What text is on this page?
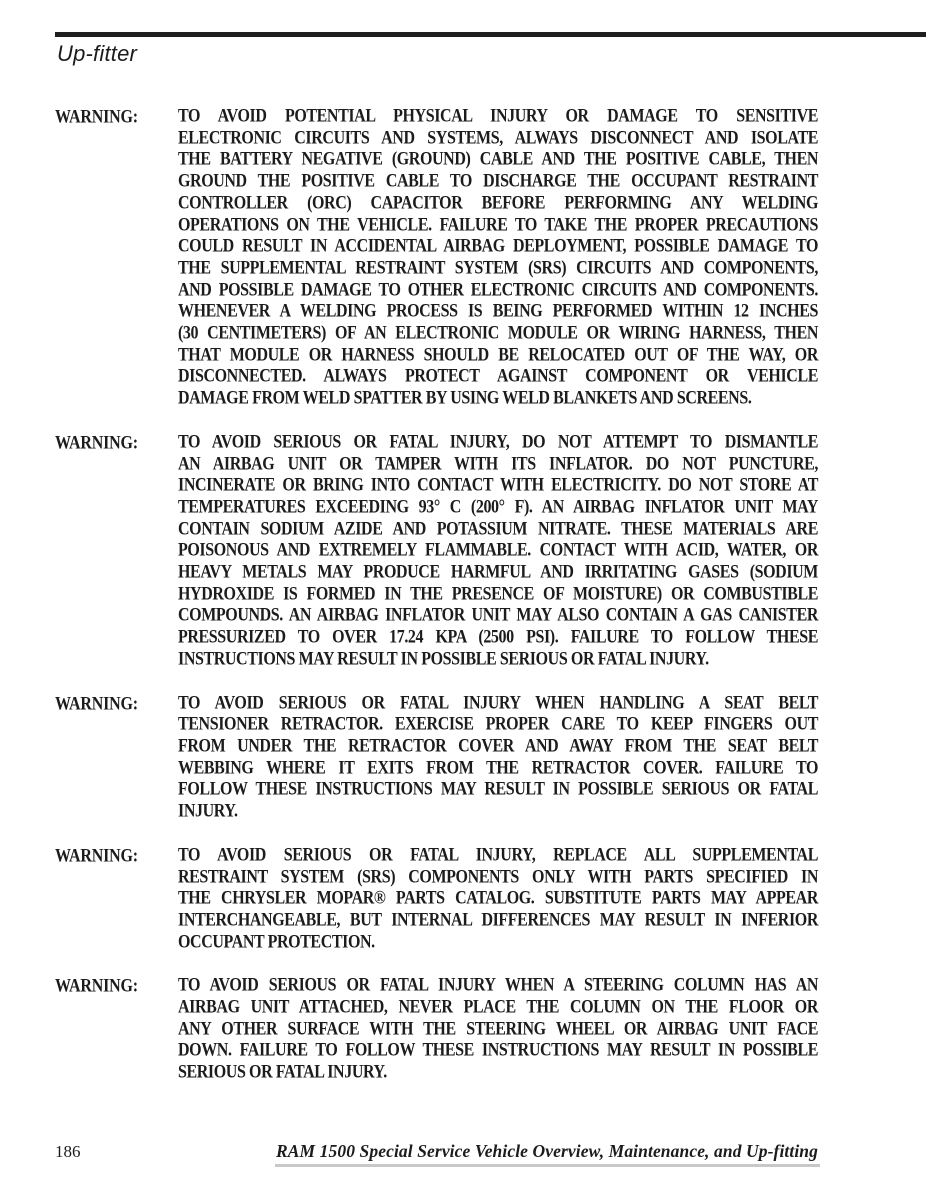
Up-fitter
WARNING:	TO AVOID POTENTIAL PHYSICAL INJURY OR DAMAGE TO SENSITIVE
ELECTRONIC CIRCUITS AND SYSTEMS, ALWAYS DISCONNECT AND ISOLATE
THE BATTERY NEGATIVE (GROUND) CABLE AND THE POSITIVE CABLE, THEN
GROUND THE POSITIVE CABLE TO DISCHARGE THE OCCUPANT RESTRAINT
CONTROLLER (ORC) CAPACITOR BEFORE PERFORMING ANY WELDING
OPERATIONS ON THE VEHICLE. FAILURE TO TAKE THE PROPER PRECAUTIONS
COULD RESULT IN ACCIDENTAL AIRBAG DEPLOYMENT, POSSIBLE DAMAGE TO
THE SUPPLEMENTAL RESTRAINT SYSTEM (SRS) CIRCUITS AND COMPONENTS,
AND POSSIBLE DAMAGE TO OTHER ELECTRONIC CIRCUITS AND COMPONENTS.
WHENEVER A WELDING PROCESS IS BEING PERFORMED WITHIN 12 INCHES
(30 CENTIMETERS) OF AN ELECTRONIC MODULE OR WIRING HARNESS, THEN
THAT MODULE OR HARNESS SHOULD BE RELOCATED OUT OF THE WAY, OR
DISCONNECTED. ALWAYS PROTECT AGAINST COMPONENT OR VEHICLE
DAMAGE FROM WELD SPATTER BY USING WELD BLANKETS AND SCREENS.
WARNING:	TO AVOID SERIOUS OR FATAL INJURY, DO NOT ATTEMPT TO DISMANTLE
AN AIRBAG UNIT OR TAMPER WITH ITS INFLATOR. DO NOT PUNCTURE,
INCINERATE OR BRING INTO CONTACT WITH ELECTRICITY. DO NOT STORE AT
TEMPERATURES EXCEEDING 93° C (200° F). AN AIRBAG INFLATOR UNIT MAY
CONTAIN SODIUM AZIDE AND POTASSIUM NITRATE. THESE MATERIALS ARE
POISONOUS AND EXTREMELY FLAMMABLE. CONTACT WITH ACID, WATER, OR
HEAVY METALS MAY PRODUCE HARMFUL AND IRRITATING GASES (SODIUM
HYDROXIDE IS FORMED IN THE PRESENCE OF MOISTURE) OR COMBUSTIBLE
COMPOUNDS. AN AIRBAG INFLATOR UNIT MAY ALSO CONTAIN A GAS CANISTER
PRESSURIZED TO OVER 17.24 KPA (2500 PSI). FAILURE TO FOLLOW THESE
INSTRUCTIONS MAY RESULT IN POSSIBLE SERIOUS OR FATAL INJURY.
WARNING:	TO AVOID SERIOUS OR FATAL INJURY WHEN HANDLING A SEAT BELT
TENSIONER RETRACTOR. EXERCISE PROPER CARE TO KEEP FINGERS OUT
FROM UNDER THE RETRACTOR COVER AND AWAY FROM THE SEAT BELT
WEBBING WHERE IT EXITS FROM THE RETRACTOR COVER. FAILURE TO
FOLLOW THESE INSTRUCTIONS MAY RESULT IN POSSIBLE SERIOUS OR FATAL
INJURY.
WARNING:	TO AVOID SERIOUS OR FATAL INJURY, REPLACE ALL SUPPLEMENTAL
RESTRAINT SYSTEM (SRS) COMPONENTS ONLY WITH PARTS SPECIFIED IN
THE CHRYSLER MOPAR® PARTS CATALOG. SUBSTITUTE PARTS MAY APPEAR
INTERCHANGEABLE, BUT INTERNAL DIFFERENCES MAY RESULT IN INFERIOR
OCCUPANT PROTECTION.
WARNING:	TO AVOID SERIOUS OR FATAL INJURY WHEN A STEERING COLUMN HAS AN
AIRBAG UNIT ATTACHED, NEVER PLACE THE COLUMN ON THE FLOOR OR
ANY OTHER SURFACE WITH THE STEERING WHEEL OR AIRBAG UNIT FACE
DOWN. FAILURE TO FOLLOW THESE INSTRUCTIONS MAY RESULT IN POSSIBLE
SERIOUS OR FATAL INJURY.
186	RAM 1500 Special Service Vehicle Overview, Maintenance, and Up-fitting
